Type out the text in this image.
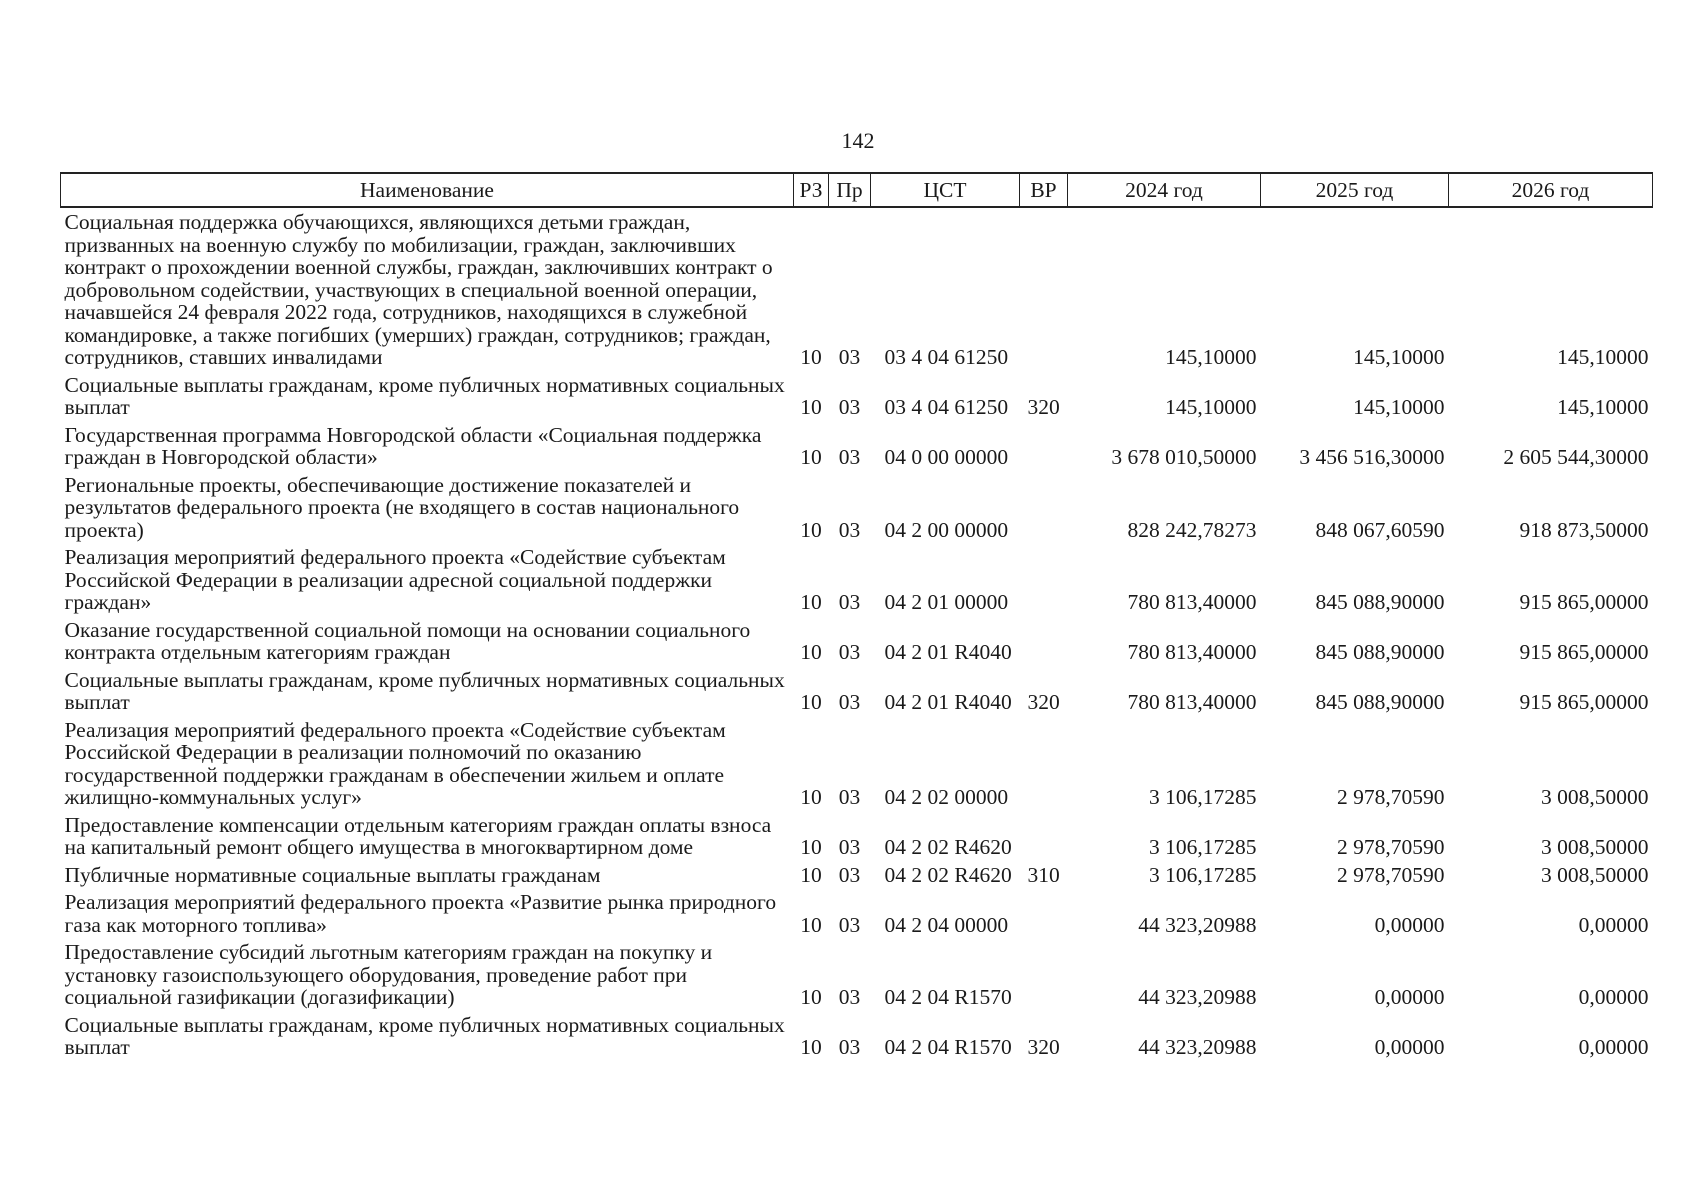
142
Наименование	РЗ	Пр	ЦСТ	ВР	2024 год	2025 год	2026 год
Социальная поддержка обучающихся, являющихся детьми граждан, призванных на военную службу по мобилизации, граждан, заключивших контракт о прохождении военной службы, граждан, заключивших контракт о добровольном содействии, участвующих в специальной военной операции, начавшейся 24 февраля 2022 года, сотрудников, находящихся в служебной командировке, а также погибших (умерших) граждан, сотрудников; граждан, сотрудников, ставших инвалидами	10	03	03 4 04 61250		145,10000	145,10000	145,10000
Социальные выплаты гражданам, кроме публичных нормативных социальных выплат	10	03	03 4 04 61250	320	145,10000	145,10000	145,10000
Государственная программа Новгородской области «Социальная поддержка граждан в Новгородской области»	10	03	04 0 00 00000		3 678 010,50000	3 456 516,30000	2 605 544,30000
Региональные проекты, обеспечивающие достижение показателей и результатов федерального проекта (не входящего в состав национального проекта)	10	03	04 2 00 00000		828 242,78273	848 067,60590	918 873,50000
Реализация мероприятий федерального проекта «Содействие субъектам Российской Федерации в реализации адресной социальной поддержки граждан»	10	03	04 2 01 00000		780 813,40000	845 088,90000	915 865,00000
Оказание государственной социальной помощи на основании социального контракта отдельным категориям граждан	10	03	04 2 01 R4040		780 813,40000	845 088,90000	915 865,00000
Социальные выплаты гражданам, кроме публичных нормативных социальных выплат	10	03	04 2 01 R4040	320	780 813,40000	845 088,90000	915 865,00000
Реализация мероприятий федерального проекта «Содействие субъектам Российской Федерации в реализации полномочий по оказанию государственной поддержки гражданам в обеспечении жильем и оплате жилищно-коммунальных услуг»	10	03	04 2 02 00000		3 106,17285	2 978,70590	3 008,50000
Предоставление компенсации отдельным категориям граждан оплаты взноса на капитальный ремонт общего имущества в многоквартирном доме	10	03	04 2 02 R4620		3 106,17285	2 978,70590	3 008,50000
Публичные нормативные социальные выплаты гражданам	10	03	04 2 02 R4620	310	3 106,17285	2 978,70590	3 008,50000
Реализация мероприятий федерального проекта «Развитие рынка природного газа как моторного топлива»	10	03	04 2 04 00000		44 323,20988	0,00000	0,00000
Предоставление субсидий льготным категориям граждан на покупку и установку газоиспользующего оборудования, проведение работ при социальной газификации (догазификации)	10	03	04 2 04 R1570		44 323,20988	0,00000	0,00000
Социальные выплаты гражданам, кроме публичных нормативных социальных выплат	10	03	04 2 04 R1570	320	44 323,20988	0,00000	0,00000
